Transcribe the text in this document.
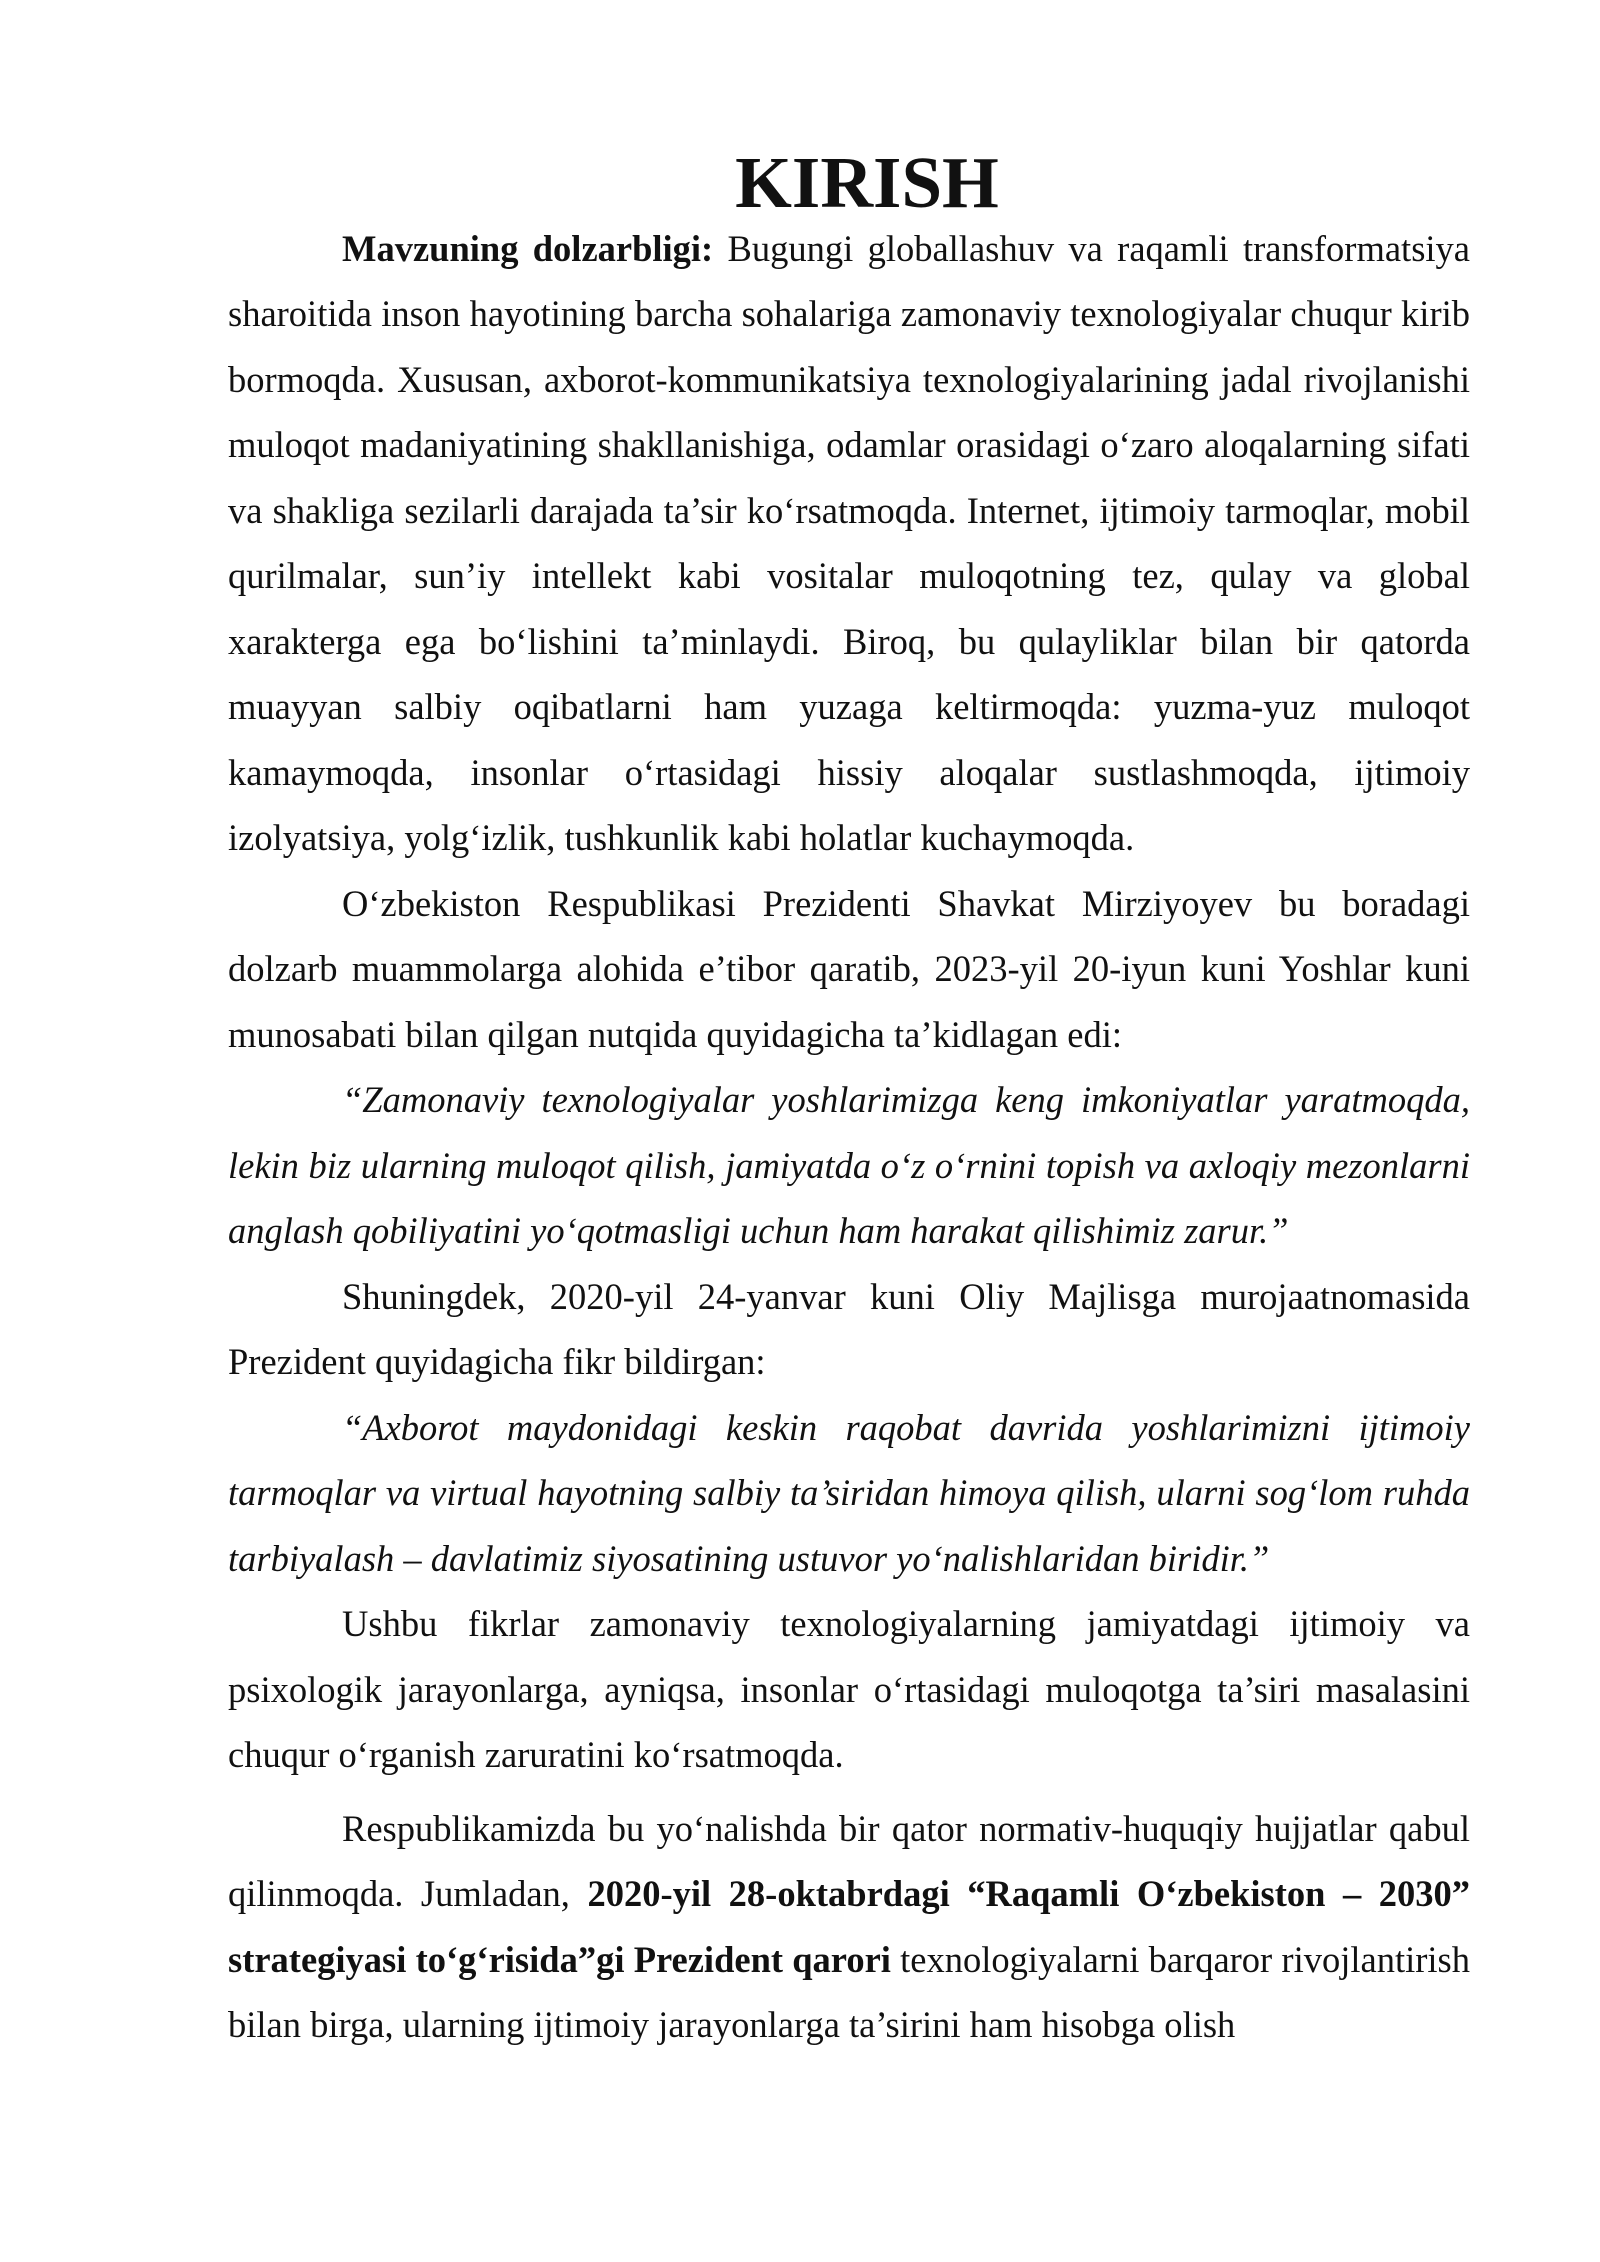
KIRISH

Mavzuning dolzarbligi: Bugungi globallashuv va raqamli transformatsiya sharoitida inson hayotining barcha sohalariga zamonaviy texnologiyalar chuqur kirib bormoqda. Xususan, axborot-kommunikatsiya texnologiyalarining jadal rivojlanishi muloqot madaniyatining shakllanishiga, odamlar orasidagi o‘zaro aloqalarning sifati va shakliga sezilarli darajada ta’sir ko‘rsatmoqda. Internet, ijtimoiy tarmoqlar, mobil qurilmalar, sun’iy intellekt kabi vositalar muloqotning tez, qulay va global xarakterga ega bo‘lishini ta’minlaydi. Biroq, bu qulayliklar bilan bir qatorda muayyan salbiy oqibatlarni ham yuzaga keltirmoqda: yuzma-yuz muloqot kamaymoqda, insonlar o‘rtasidagi hissiy aloqalar sustlashmoqda, ijtimoiy izolyatsiya, yolg‘izlik, tushkunlik kabi holatlar kuchaymoqda.

O‘zbekiston Respublikasi Prezidenti Shavkat Mirziyoyev bu boradagi dolzarb muammolarga alohida e’tibor qaratib, 2023-yil 20-iyun kuni Yoshlar kuni munosabati bilan qilgan nutqida quyidagicha ta’kidlagan edi:

“Zamonaviy texnologiyalar yoshlarimizga keng imkoniyatlar yaratmoqda, lekin biz ularning muloqot qilish, jamiyatda o‘z o‘rnini topish va axloqiy mezonlarni anglash qobiliyatini yo‘qotmasligi uchun ham harakat qilishimiz zarur.”

Shuningdek, 2020-yil 24-yanvar kuni Oliy Majlisga murojaatnomasida Prezident quyidagicha fikr bildirgan:

“Axborot maydonidagi keskin raqobat davrida yoshlarimizni ijtimoiy tarmoqlar va virtual hayotning salbiy ta’siridan himoya qilish, ularni sog‘lom ruhda tarbiyalash – davlatimiz siyosatining ustuvor yo‘nalishlaridan biridir.”

Ushbu fikrlar zamonaviy texnologiyalarning jamiyatdagi ijtimoiy va psixologik jarayonlarga, ayniqsa, insonlar o‘rtasidagi muloqotga ta’siri masalasini chuqur o‘rganish zaruratini ko‘rsatmoqda.

Respublikamizda bu yo‘nalishda bir qator normativ-huquqiy hujjatlar qabul qilinmoqda. Jumladan, 2020-yil 28-oktabrdagi “Raqamli O‘zbekiston – 2030” strategiyasi to‘g‘risida”gi Prezident qarori texnologiyalarni barqaror rivojlantirish bilan birga, ularning ijtimoiy jarayonlarga ta’sirini ham hisobga olish
